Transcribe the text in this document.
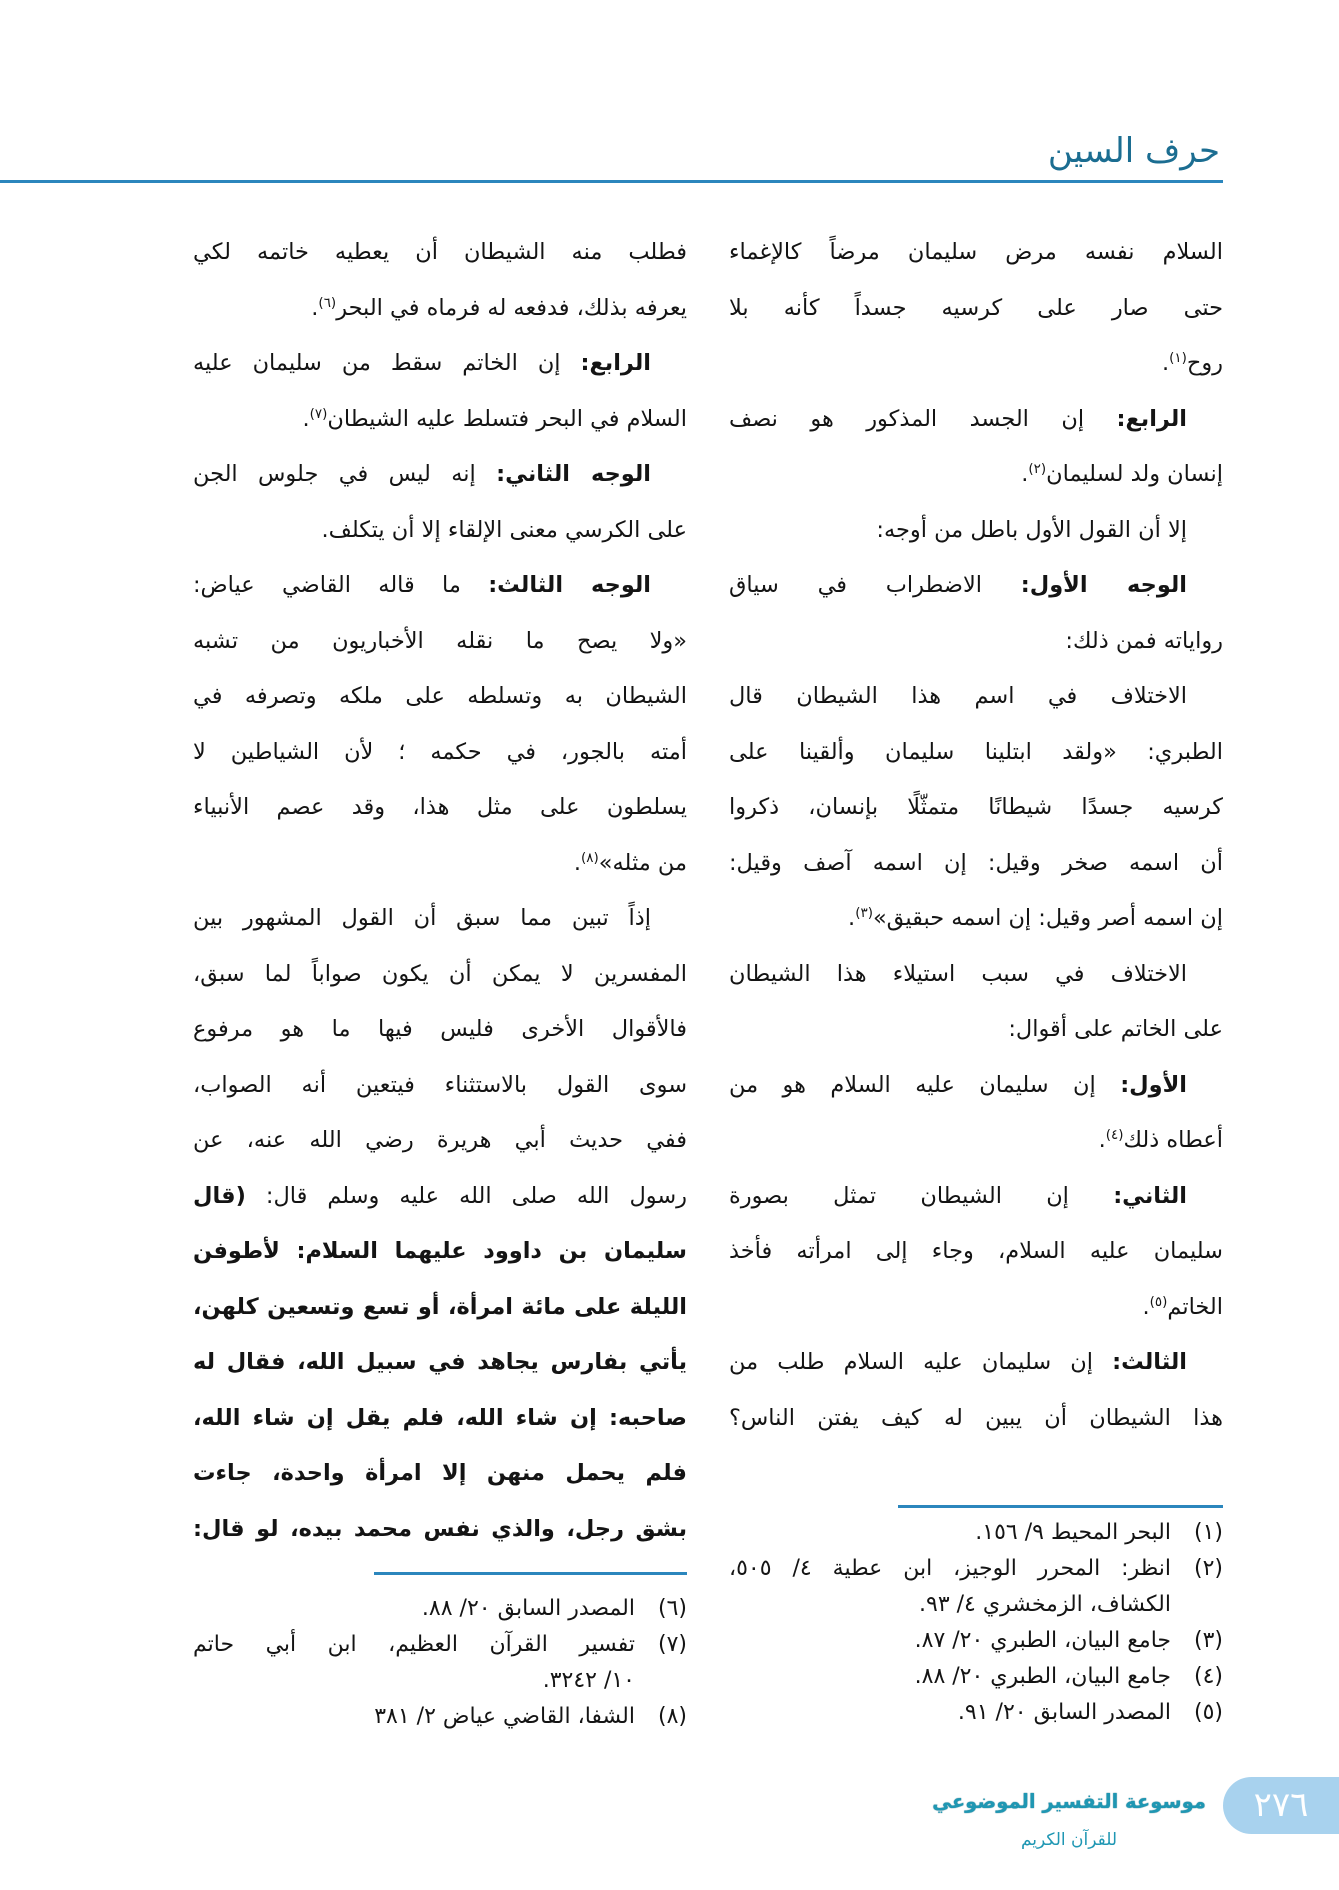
حرف السين
السلام نفسه مرض سليمان مرضاً كالإغماء
حتى صار على كرسيه جسداً كأنه بلا
روح$^{(١)}$.
الرابع: إن الجسد المذكور هو نصف
إنسان ولد لسليمان$^{(٢)}$.
إلا أن القول الأول باطل من أوجه:
الوجه الأول: الاضطراب في سياق
رواياته فمن ذلك:
الاختلاف في اسم هذا الشيطان قال
الطبري: «ولقد ابتلينا سليمان وألقينا على
كرسيه جسدًا شيطانًا متمثّلًا بإنسان، ذكروا
أن اسمه صخر وقيل: إن اسمه آصف وقيل:
إن اسمه أصر وقيل: إن اسمه حبقيق»$^{(٣)}$.
الاختلاف في سبب استيلاء هذا الشيطان
على الخاتم على أقوال:
الأول: إن سليمان عليه السلام هو من
أعطاه ذلك$^{(٤)}$.
الثاني: إن الشيطان تمثل بصورة
سليمان عليه السلام، وجاء إلى امرأته فأخذ
الخاتم$^{(٥)}$.
الثالث: إن سليمان عليه السلام طلب من
هذا الشيطان أن يبين له كيف يفتن الناس؟
(١)البحر المحيط ٩/ ١٥٦.
(٢)انظر: المحرر الوجيز، ابن عطية ٤/ ٥٠٥،
الكشاف، الزمخشري ٤/ ٩٣.
(٣)جامع البيان، الطبري ٢٠/ ٨٧.
(٤)جامع البيان، الطبري ٢٠/ ٨٨.
(٥)المصدر السابق ٢٠/ ٩١.
فطلب منه الشيطان أن يعطيه خاتمه لكي
يعرفه بذلك، فدفعه له فرماه في البحر$^{(٦)}$.
الرابع: إن الخاتم سقط من سليمان عليه
السلام في البحر فتسلط عليه الشيطان$^{(٧)}$.
الوجه الثاني: إنه ليس في جلوس الجن
على الكرسي معنى الإلقاء إلا أن يتكلف.
الوجه الثالث: ما قاله القاضي عياض:
«ولا يصح ما نقله الأخباريون من تشبه
الشيطان به وتسلطه على ملكه وتصرفه في
أمته بالجور، في حكمه ؛ لأن الشياطين لا
يسلطون على مثل هذا، وقد عصم الأنبياء
من مثله»$^{(٨)}$.
إذاً تبين مما سبق أن القول المشهور بين
المفسرين لا يمكن أن يكون صواباً لما سبق،
فالأقوال الأخرى فليس فيها ما هو مرفوع
سوى القول بالاستثناء فيتعين أنه الصواب،
ففي حديث أبي هريرة رضي الله عنه، عن
رسول الله صلى الله عليه وسلم قال: (قال
سليمان بن داوود عليهما السلام: لأطوفن
الليلة على مائة امرأة، أو تسع وتسعين كلهن،
يأتي بفارس يجاهد في سبيل الله، فقال له
صاحبه: إن شاء الله، فلم يقل إن شاء الله،
فلم يحمل منهن إلا امرأة واحدة، جاءت
بشق رجل، والذي نفس محمد بيده، لو قال:
(٦)المصدر السابق ٢٠/ ٨٨.
(٧)تفسير القرآن العظيم، ابن أبي حاتم
١٠/ ٣٢٤٢.
(٨)الشفا، القاضي عياض ٢/ ٣٨١
موسوعة التفسير الموضوعي
للقرآن الكريم
٢٧٦
